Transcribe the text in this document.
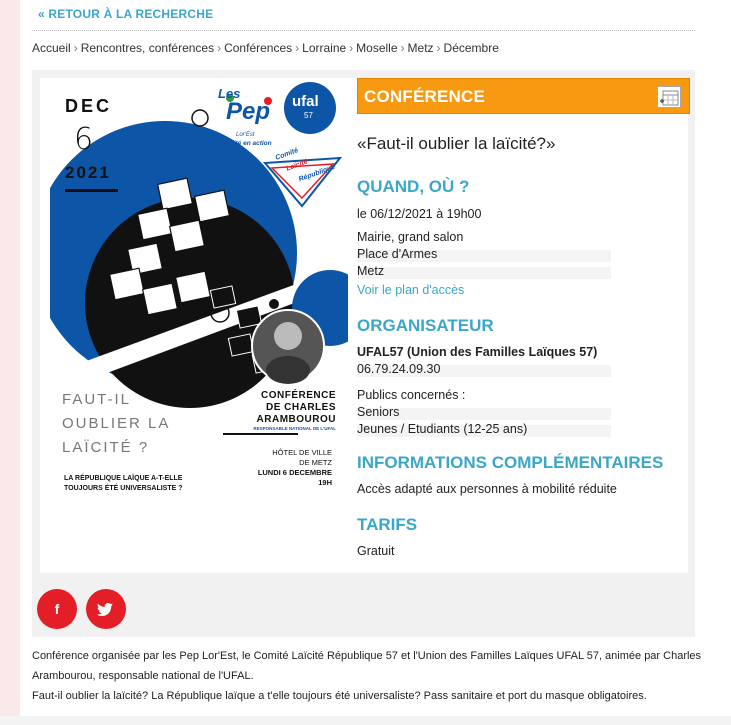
« RETOUR À LA RECHERCHE
Accueil › Rencontres, conférences › Conférences › Lorraine › Moselle › Metz › Décembre
DEC
6
2021
Les
Pep
Lor'Est
La solidarité en action
ufal
57
Comité
Laïcité
République
FAUT-IL
OUBLIER LA
LAÏCITÉ ?
LA RÉPUBLIQUE LAÏQUE A-T-ELLE
TOUJOURS ÉTÉ UNIVERSALISTE ?
CONFÉRENCE
DE CHARLES
ARAMBOUROU
RESPONSABLE NATIONAL DE L'UFAL
HÔTEL DE VILLE
DE METZ
LUNDI 6 DECEMBRE
19H
CONFÉRENCE
«Faut-il oublier la laïcité?»
QUAND, OÙ ?
le 06/12/2021 à 19h00
Mairie, grand salon
Place d'Armes
Metz
Voir le plan d'accès
ORGANISATEUR
UFAL57 (Union des Familles Laïques 57)
06.79.24.09.30
Publics concernés :
Seniors
Jeunes / Etudiants (12-25 ans)
INFORMATIONS COMPLÉMENTAIRES
Accès adapté aux personnes à mobilité réduite
TARIFS
Gratuit
f
Conférence organisée par les Pep Lor'Est, le Comité Laïcité République 57 et l'Union des Familles Laïques UFAL 57, animée par Charles
Arambourou, responsable national de l'UFAL.
Faut-il oublier la laïcité? La République laïque a t'elle toujours été universaliste? Pass sanitaire et port du masque obligatoires.
